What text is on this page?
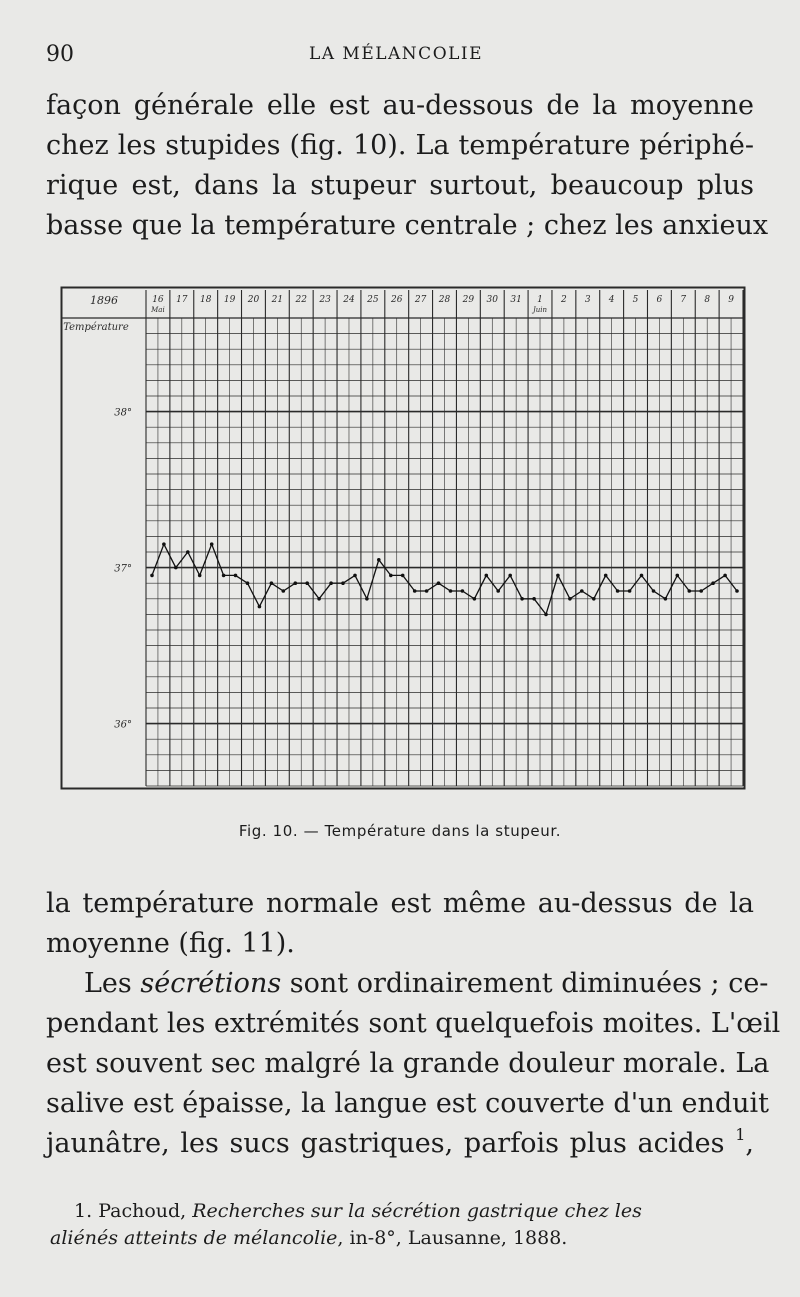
90	LA MÉLANCOLIE
façon générale elle est au-dessous de la moyenne
chez les stupides (fig. 10). La température périphé-
rique est, dans la stupeur surtout, beaucoup plus
basse que la température centrale ; chez les anxieux
1896
Température
16 17 18 19 20 21 22 23 24 25 26 27 28 29 30 31 1 2 3 4 5 6 7 8 9
Mai	Juin
38°
37°
36°
Fig. 10. — Température dans la stupeur.
la température normale est même au-dessus de la
moyenne (fig. 11).
Les sécrétions sont ordinairement diminuées ; ce-
pendant les extrémités sont quelquefois moites. L'œil
est souvent sec malgré la grande douleur morale. La
salive est épaisse, la langue est couverte d'un enduit
jaunâtre, les sucs gastriques, parfois plus acides $^1$,
1. Pachoud, Recherches sur la sécrétion gastrique chez les
aliénés atteints de mélancolie, in-8°, Lausanne, 1888.
